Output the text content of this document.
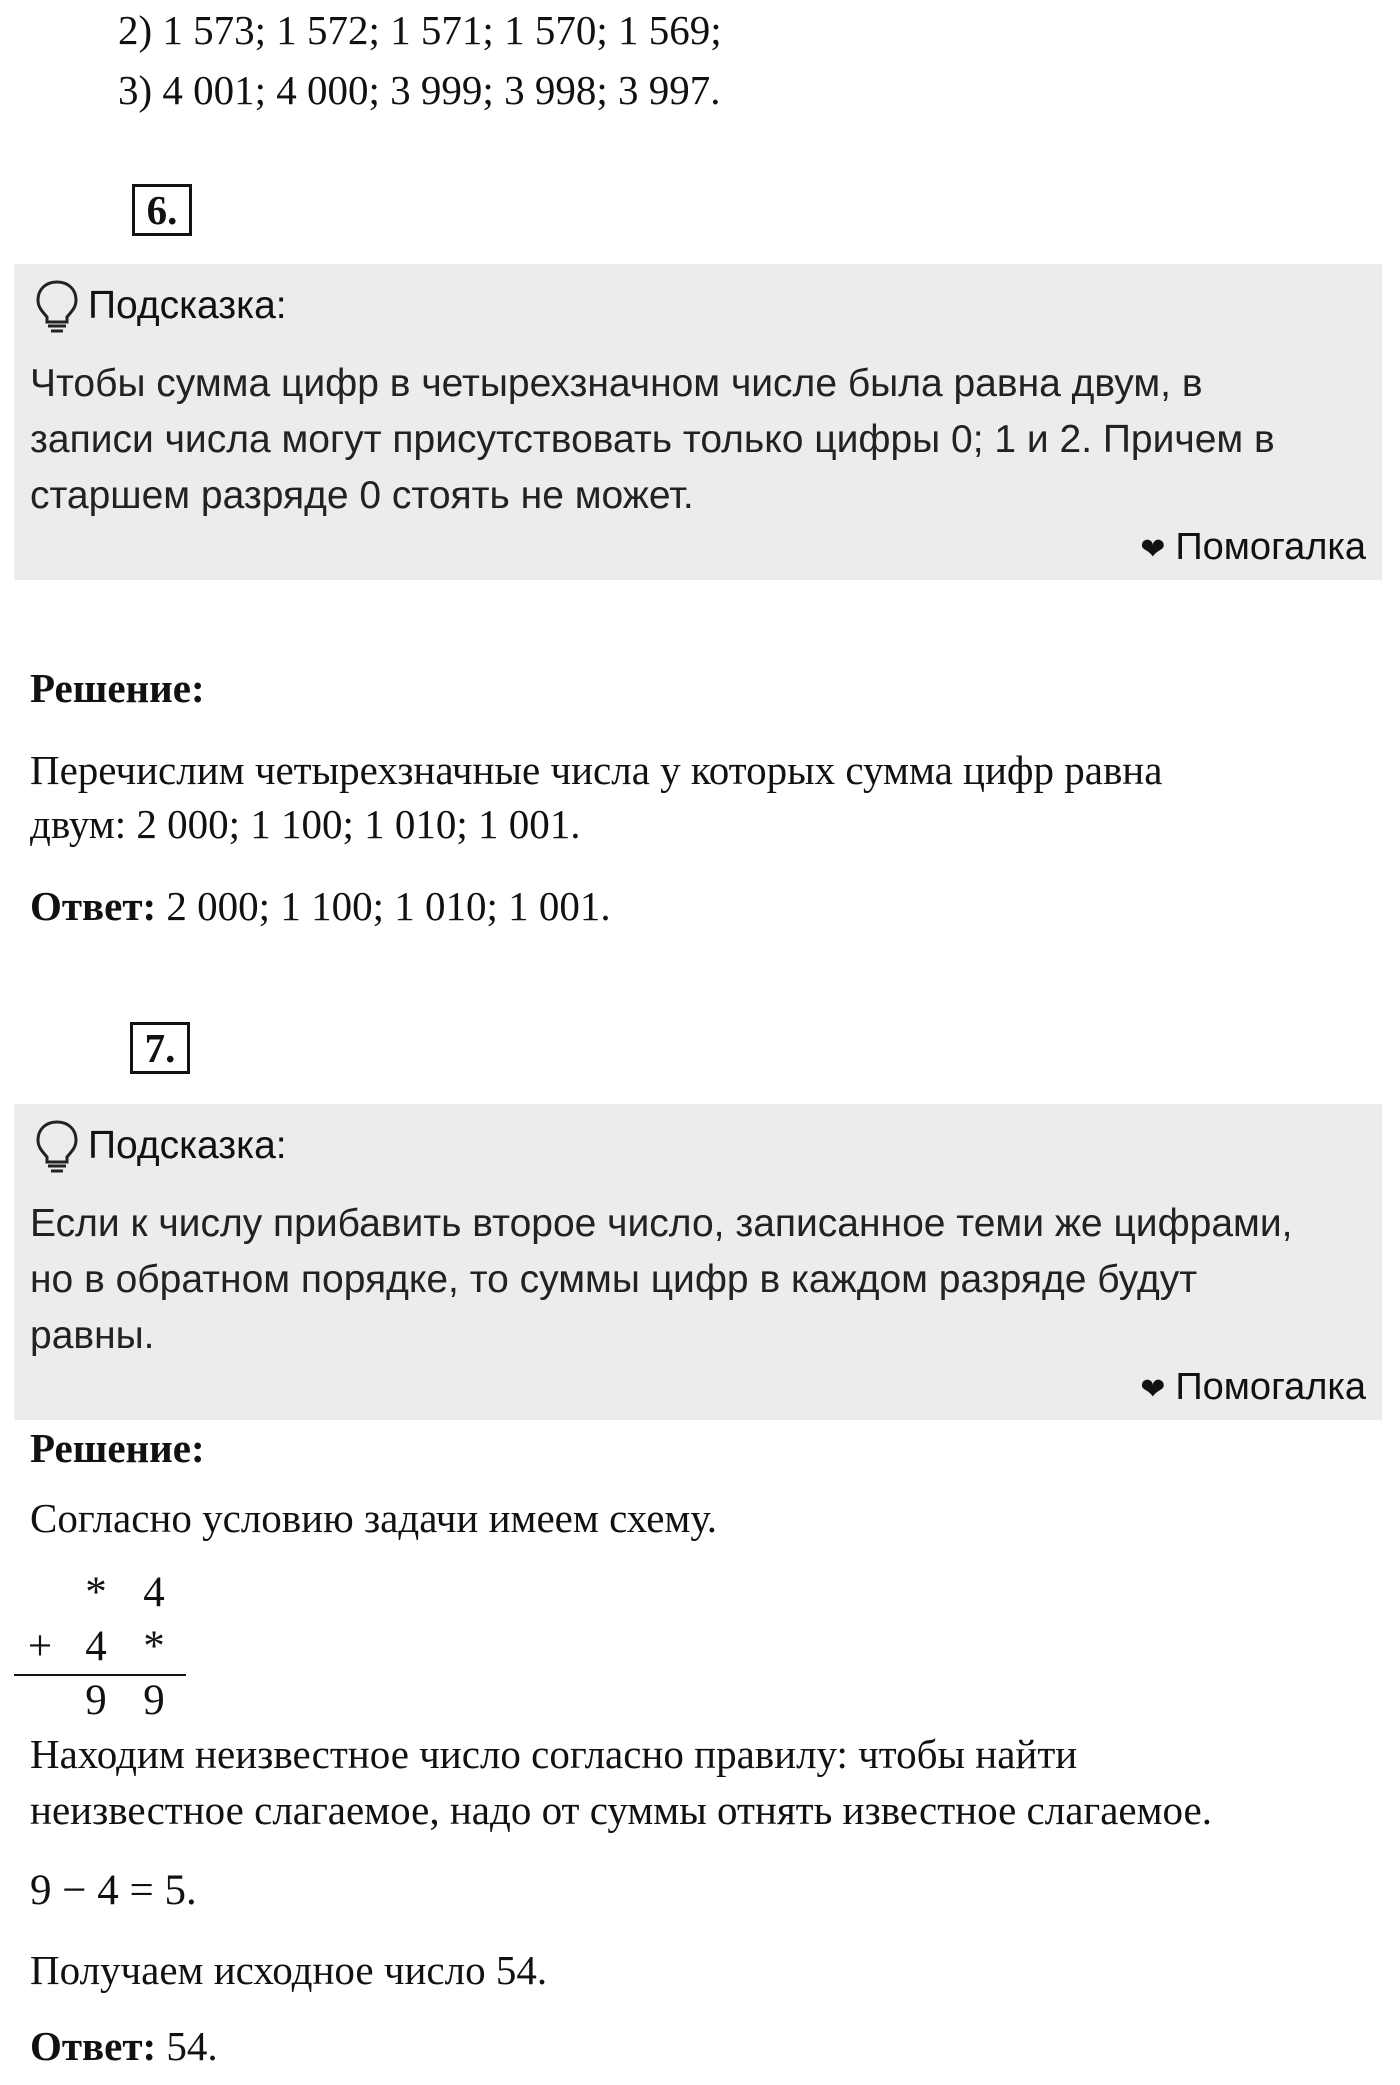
2) 1 573; 1 572; 1 571; 1 570; 1 569;
3) 4 001; 4 000; 3 999; 3 998; 3 997.
6.
Подсказка:
Чтобы сумма цифр в четырехзначном числе была равна двум, в
записи числа могут присутствовать только цифры 0; 1 и 2. Причем в
старшем разряде 0 стоять не может.
❤ Помогалка
Решение:
Перечислим четырехзначные числа у которых сумма цифр равна
двум: 2 000; 1 100; 1 010; 1 001.
Ответ: 2 000; 1 100; 1 010; 1 001.
7.
Подсказка:
Если к числу прибавить второе число, записанное теми же цифрами,
но в обратном порядке, то суммы цифр в каждом разряде будут
равны.
❤ Помогалка
Решение:
Согласно условию задачи имеем схему.
* 4
+ 4 *
9 9
Находим неизвестное число согласно правилу: чтобы найти
неизвестное слагаемое, надо от суммы отнять известное слагаемое.
9 − 4 = 5.
Получаем исходное число 54.
Ответ: 54.
